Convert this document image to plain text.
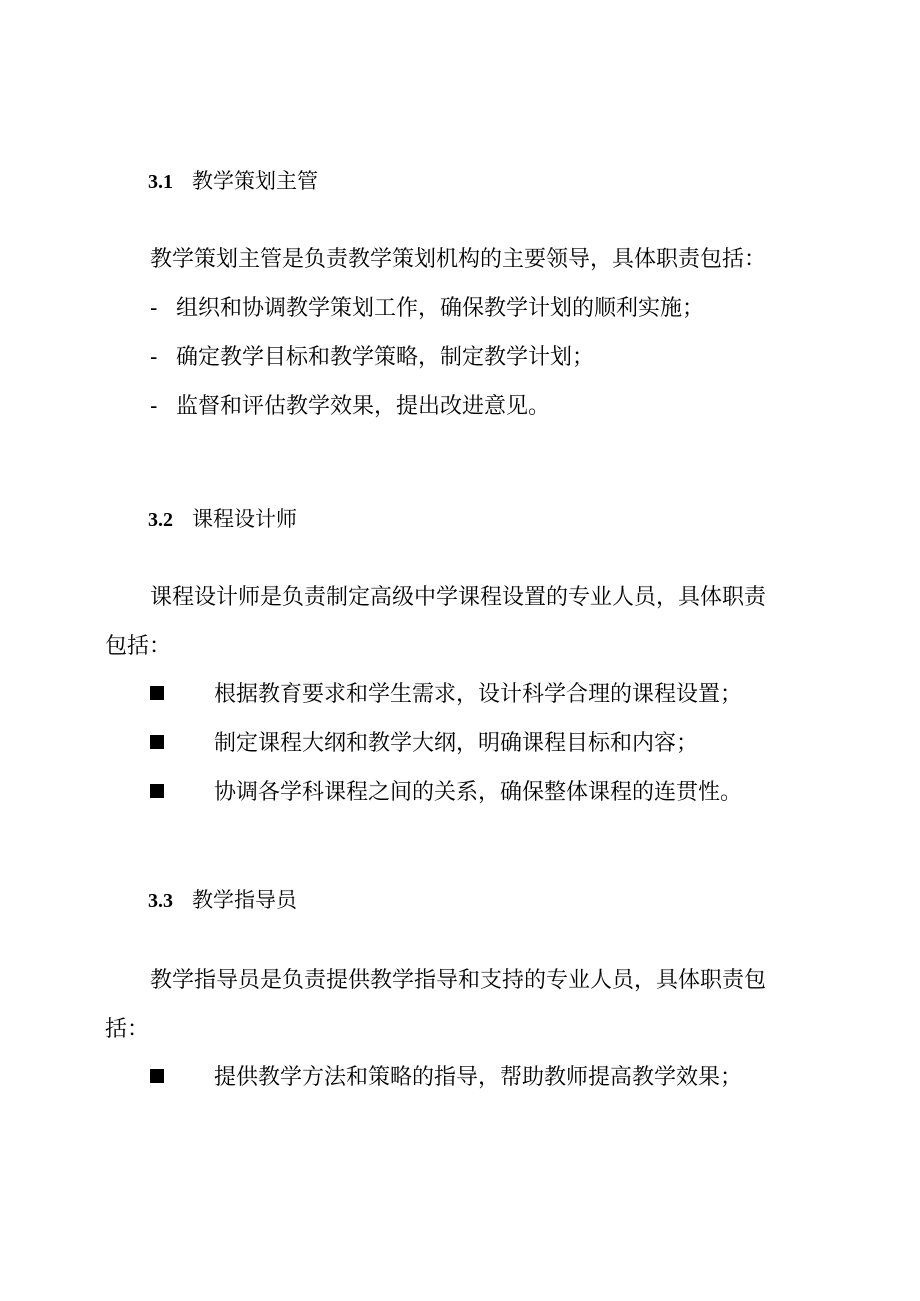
3.1 教学策划主管
教学策划主管是负责教学策划机构的主要领导，具体职责包括：
- 组织和协调教学策划工作，确保教学计划的顺利实施；
- 确定教学目标和教学策略，制定教学计划；
- 监督和评估教学效果，提出改进意见。
3.2 课程设计师
课程设计师是负责制定高级中学课程设置的专业人员，具体职责
包括：
根据教育要求和学生需求，设计科学合理的课程设置；
制定课程大纲和教学大纲，明确课程目标和内容；
协调各学科课程之间的关系，确保整体课程的连贯性。
3.3 教学指导员
教学指导员是负责提供教学指导和支持的专业人员，具体职责包
括：
提供教学方法和策略的指导，帮助教师提高教学效果；
